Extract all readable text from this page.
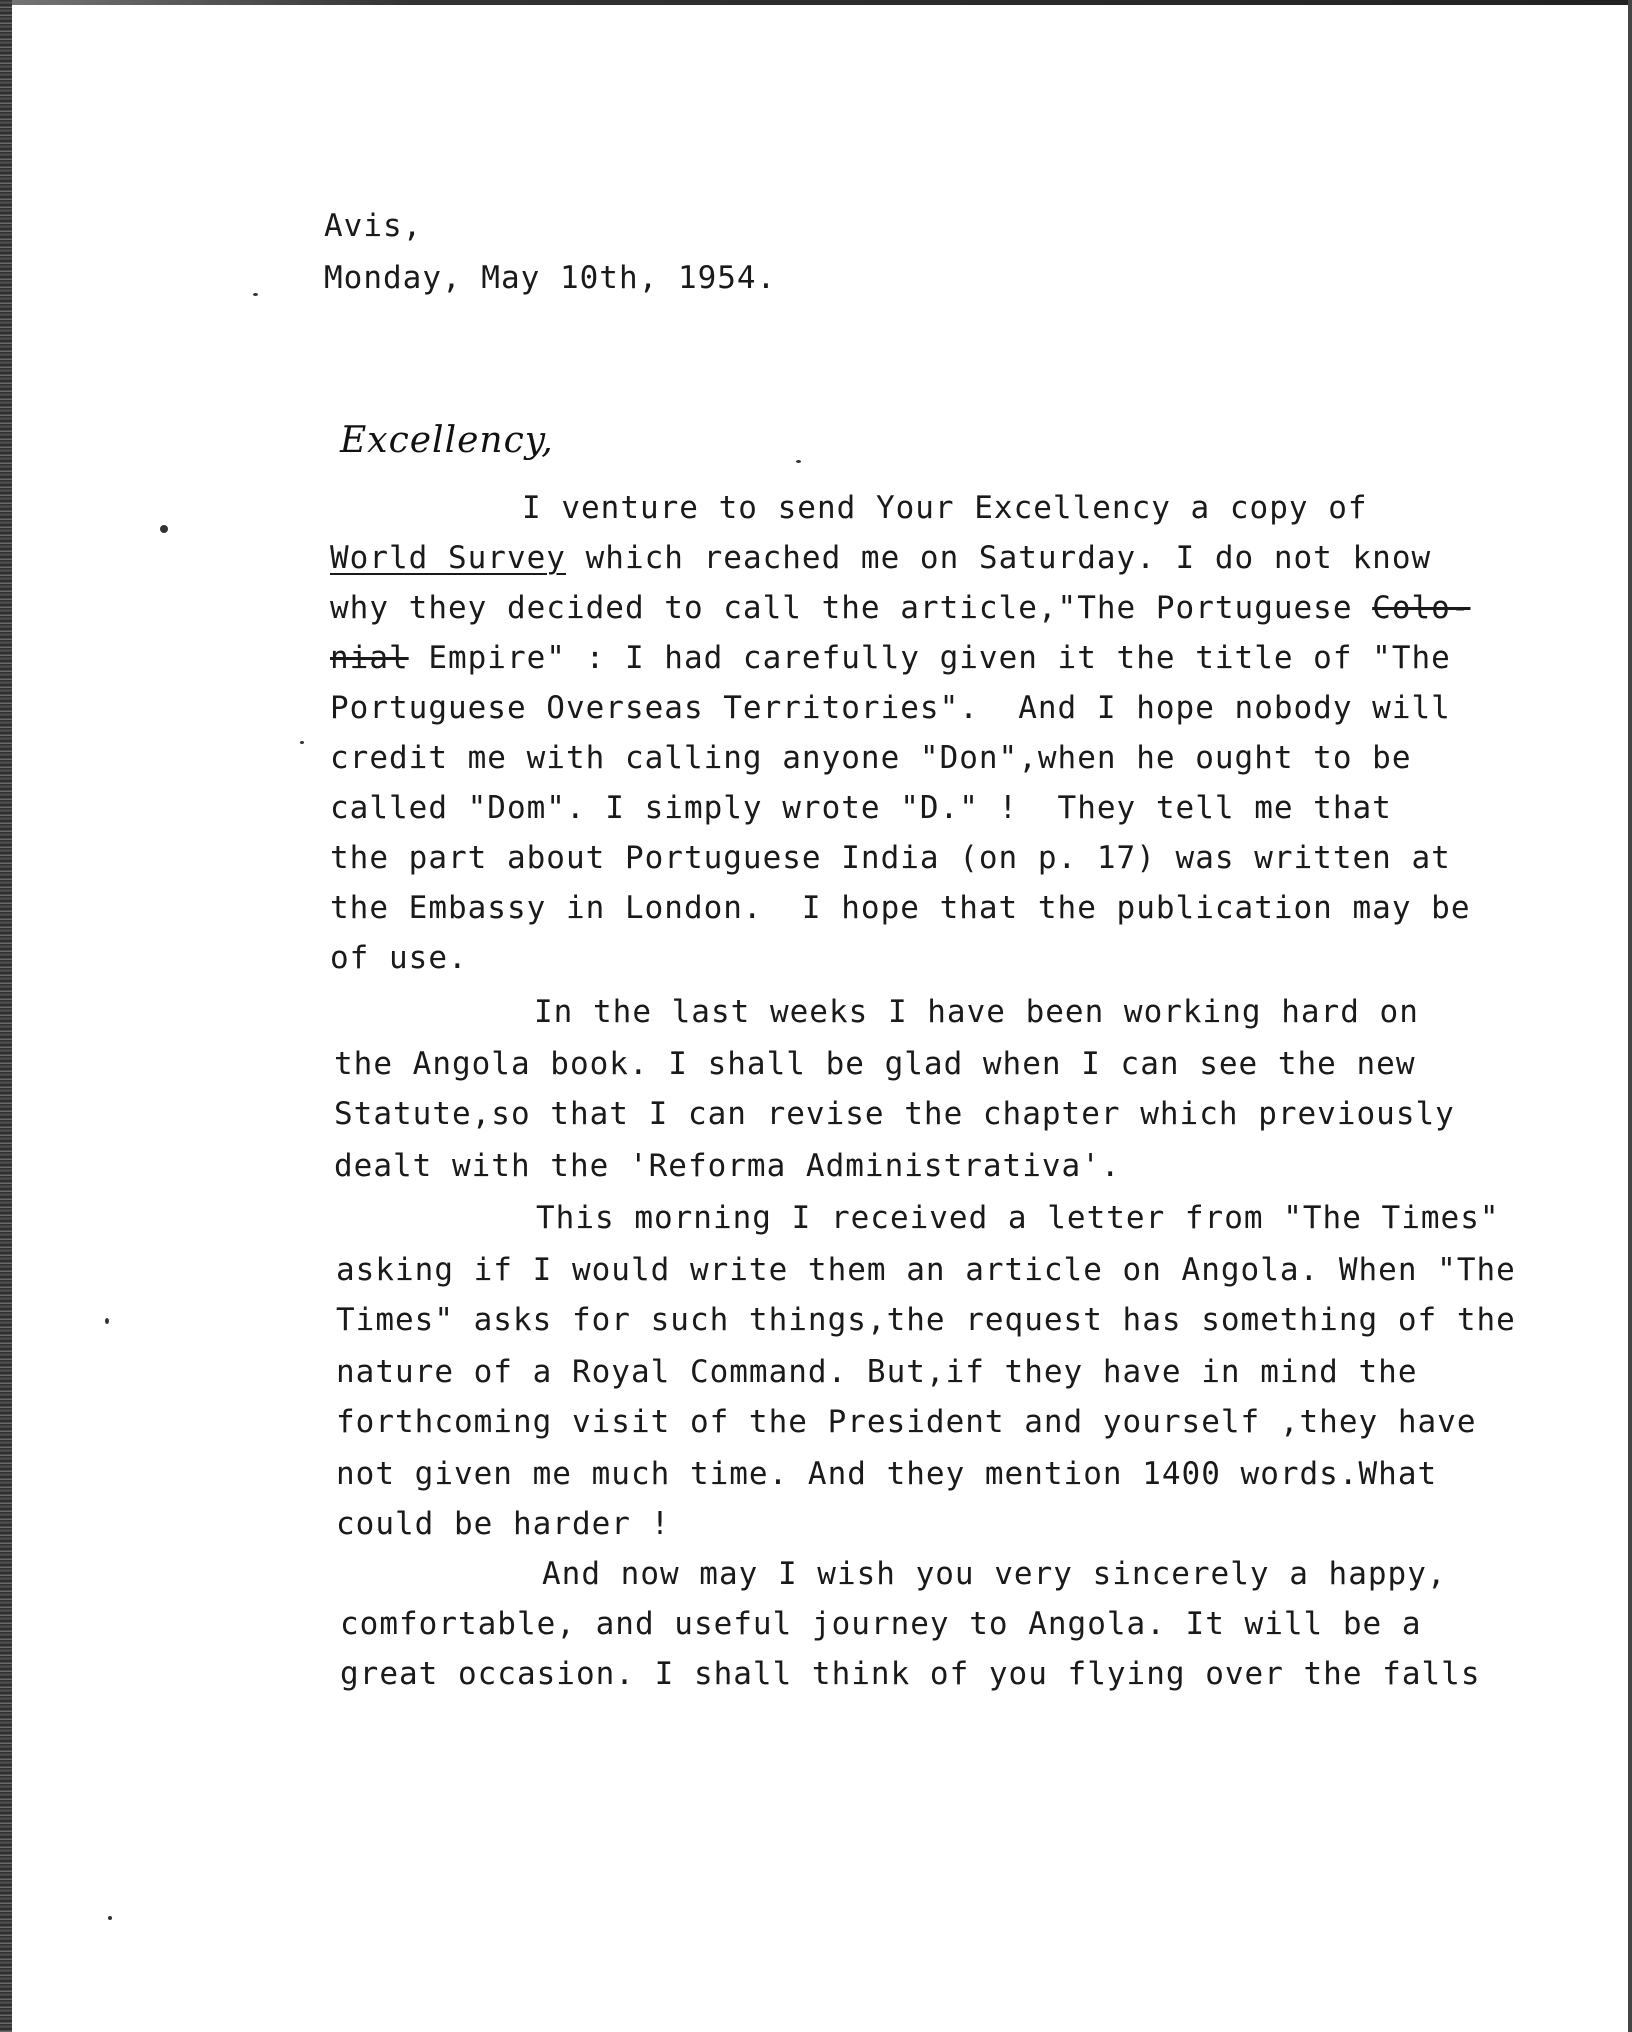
Avis,
Monday, May 10th, 1954.
Excellency,
I venture to send Your Excellency a copy of
World Survey which reached me on Saturday. I do not know
why they decided to call the article,"The Portuguese Colo-
nial Empire" : I had carefully given it the title of "The
Portuguese Overseas Territories".  And I hope nobody will
credit me with calling anyone "Don",when he ought to be
called "Dom". I simply wrote "D." !  They tell me that
the part about Portuguese India (on p. 17) was written at
the Embassy in London.  I hope that the publication may be
of use.
In the last weeks I have been working hard on
the Angola book. I shall be glad when I can see the new
Statute,so that I can revise the chapter which previously
dealt with the 'Reforma Administrativa'.
This morning I received a letter from "The Times"
asking if I would write them an article on Angola. When "The
Times" asks for such things,the request has something of the
nature of a Royal Command. But,if they have in mind the
forthcoming visit of the President and yourself ,they have
not given me much time. And they mention 1400 words.What
could be harder !
And now may I wish you very sincerely a happy,
comfortable, and useful journey to Angola. It will be a
great occasion. I shall think of you flying over the falls
